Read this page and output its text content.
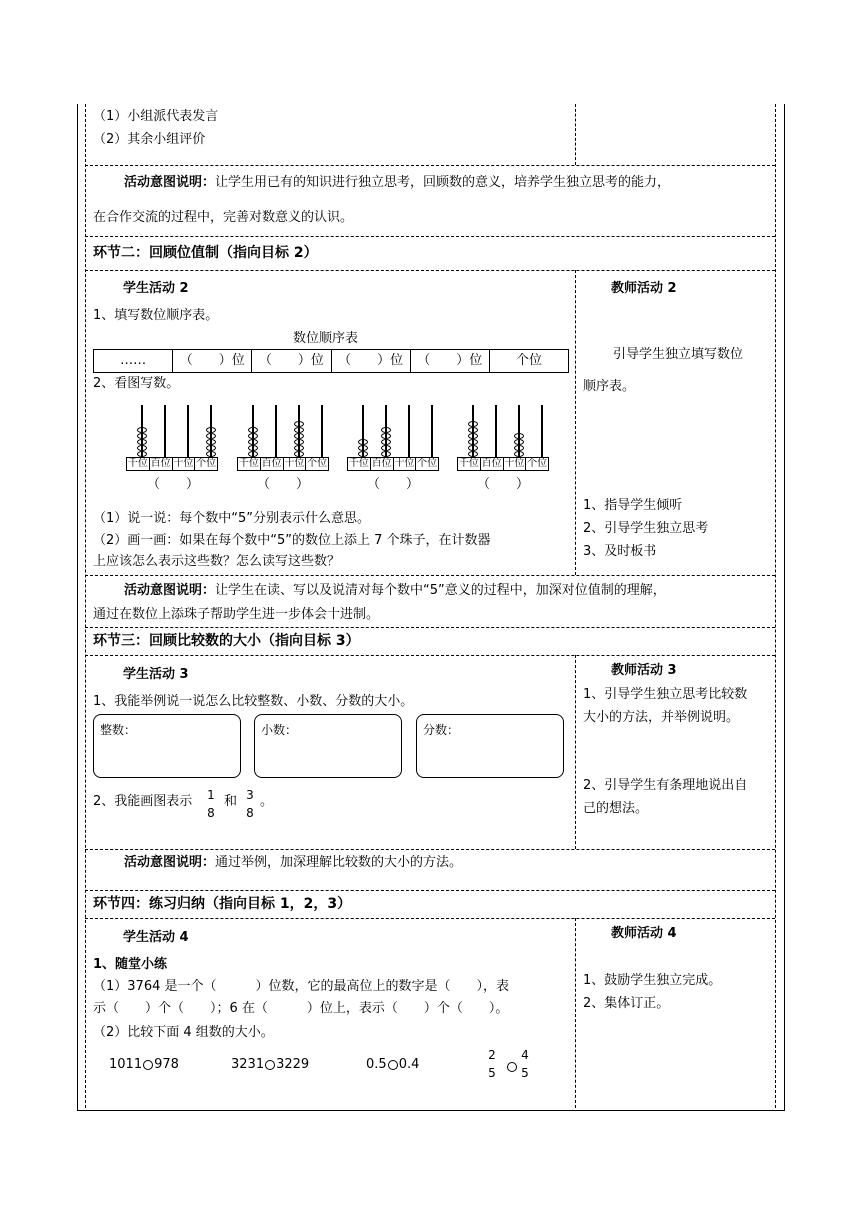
（1）小组派代表发言
（2）其余小组评价
活动意图说明：让学生用已有的知识进行独立思考，回顾数的意义，培养学生独立思考的能力，
在合作交流的过程中，完善对数意义的认识。
环节二：回顾位值制（指向目标 2）
学生活动 2
1、填写数位顺序表。
数位顺序表
……	（　　）位	（　　）位	（　　）位	（　　）位	个位
2、看图写数。
千位 百位 十位 个位 千位 百位 十位 个位 千位 百位 十位 个位 千位 百位 十位 个位
（　　）	（　　）	（　　）	（　　）
（1）说一说：每个数中“5”分别表示什么意思。
（2）画一画：如果在每个数中“5”的数位上添上 7 个珠子，在计数器
上应该怎么表示这些数？怎么读写这些数？
教师活动 2
引导学生独立填写数位
顺序表。
1、指导学生倾听
2、引导学生独立思考
3、及时板书
活动意图说明：让学生在读、写以及说清对每个数中“5”意义的过程中，加深对位值制的理解，
通过在数位上添珠子帮助学生进一步体会十进制。
环节三：回顾比较数的大小（指向目标 3）
学生活动 3
1、我能举例说一说怎么比较整数、小数、分数的大小。
整数：	小数：	分数：
2、我能画图表示 1
8
和 3
8
。
教师活动 3
1、引导学生独立思考比较数
大小的方法，并举例说明。
2、引导学生有条理地说出自
己的想法。
活动意图说明：通过举例，加深理解比较数的大小的方法。
环节四：练习归纳（指向目标 1，2，3）
学生活动 4
1、随堂小练
（1）3764 是一个（　　　）位数，它的最高位上的数字是（　　），表
示（　　）个（　　）；6 在（　　　）位上，表示（　　）个（　　）。
（2）比较下面 4 组数的大小。
1011 978	3231 3229	0.5 0.4
2
5
4
5
教师活动 4
1、鼓励学生独立完成。
2、集体订正。
